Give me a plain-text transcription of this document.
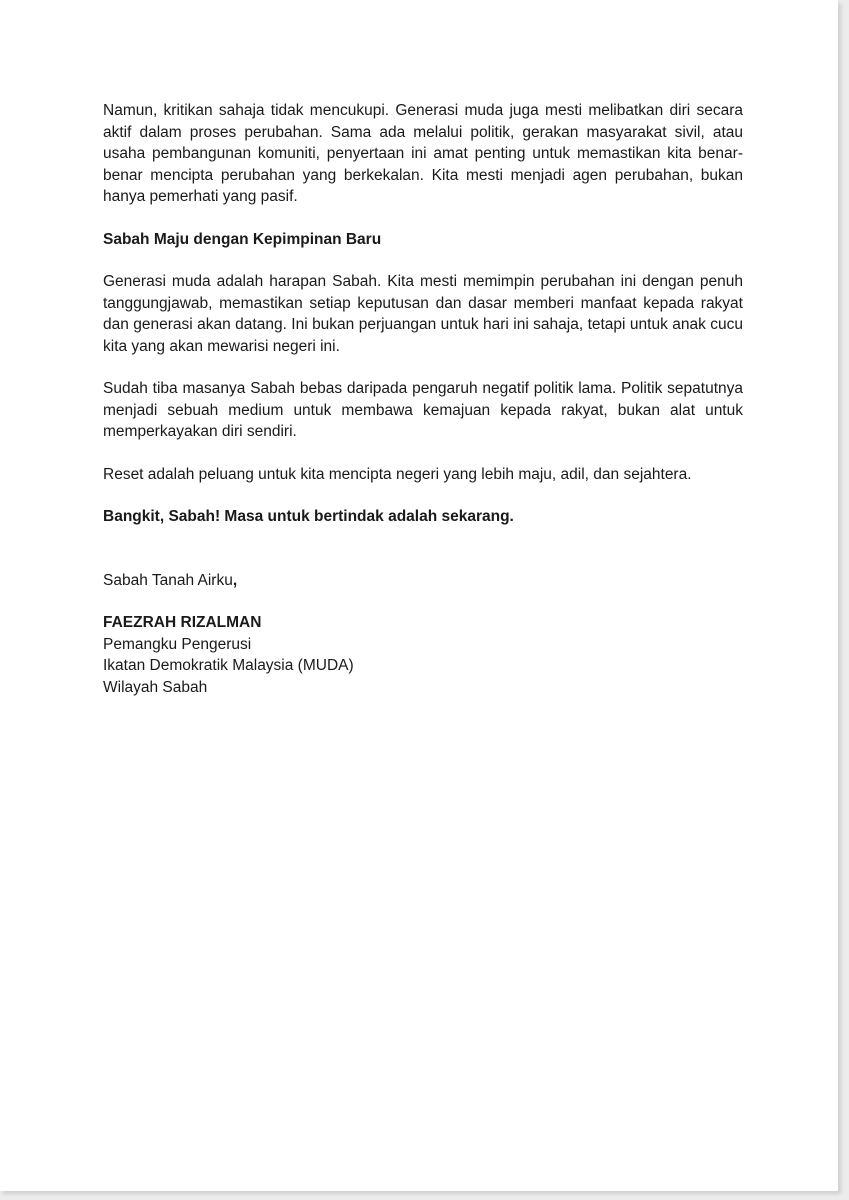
Namun, kritikan sahaja tidak mencukupi. Generasi muda juga mesti melibatkan diri secara aktif dalam proses perubahan. Sama ada melalui politik, gerakan masyarakat sivil, atau usaha pembangunan komuniti, penyertaan ini amat penting untuk memastikan kita benar-benar mencipta perubahan yang berkekalan. Kita mesti menjadi agen perubahan, bukan hanya pemerhati yang pasif.

Sabah Maju dengan Kepimpinan Baru

Generasi muda adalah harapan Sabah. Kita mesti memimpin perubahan ini dengan penuh tanggungjawab, memastikan setiap keputusan dan dasar memberi manfaat kepada rakyat dan generasi akan datang. Ini bukan perjuangan untuk hari ini sahaja, tetapi untuk anak cucu kita yang akan mewarisi negeri ini.

Sudah tiba masanya Sabah bebas daripada pengaruh negatif politik lama. Politik sepatutnya menjadi sebuah medium untuk membawa kemajuan kepada rakyat, bukan alat untuk memperkayakan diri sendiri.

Reset adalah peluang untuk kita mencipta negeri yang lebih maju, adil, dan sejahtera.

Bangkit, Sabah! Masa untuk bertindak adalah sekarang.

Sabah Tanah Airku,

FAEZRAH RIZALMAN

Pemangku Pengerusi

Ikatan Demokratik Malaysia (MUDA)

Wilayah Sabah
